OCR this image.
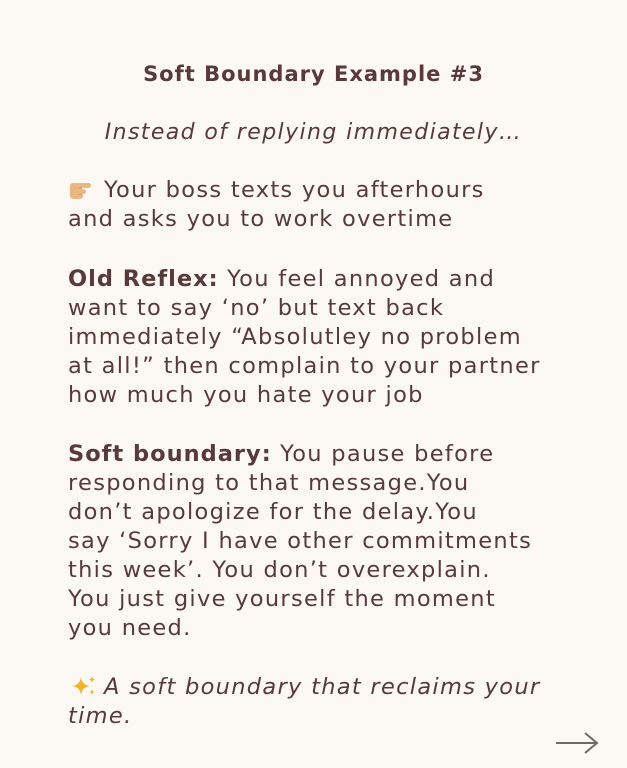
Soft Boundary Example #3
Instead of replying immediately…

Your boss texts you afterhours

and asks you to work overtime

Old Reflex: You feel annoyed and

want to say ‘no’ but text back

immediately “Absolutley no problem

at all!” then complain to your partner

how much you hate your job

Soft boundary: You pause before

responding to that message.You

don’t apologize for the delay.You

say ‘Sorry I have other commitments

this week’. You don’t overexplain.

You just give yourself the moment

you need.

A soft boundary that reclaims your

time.
